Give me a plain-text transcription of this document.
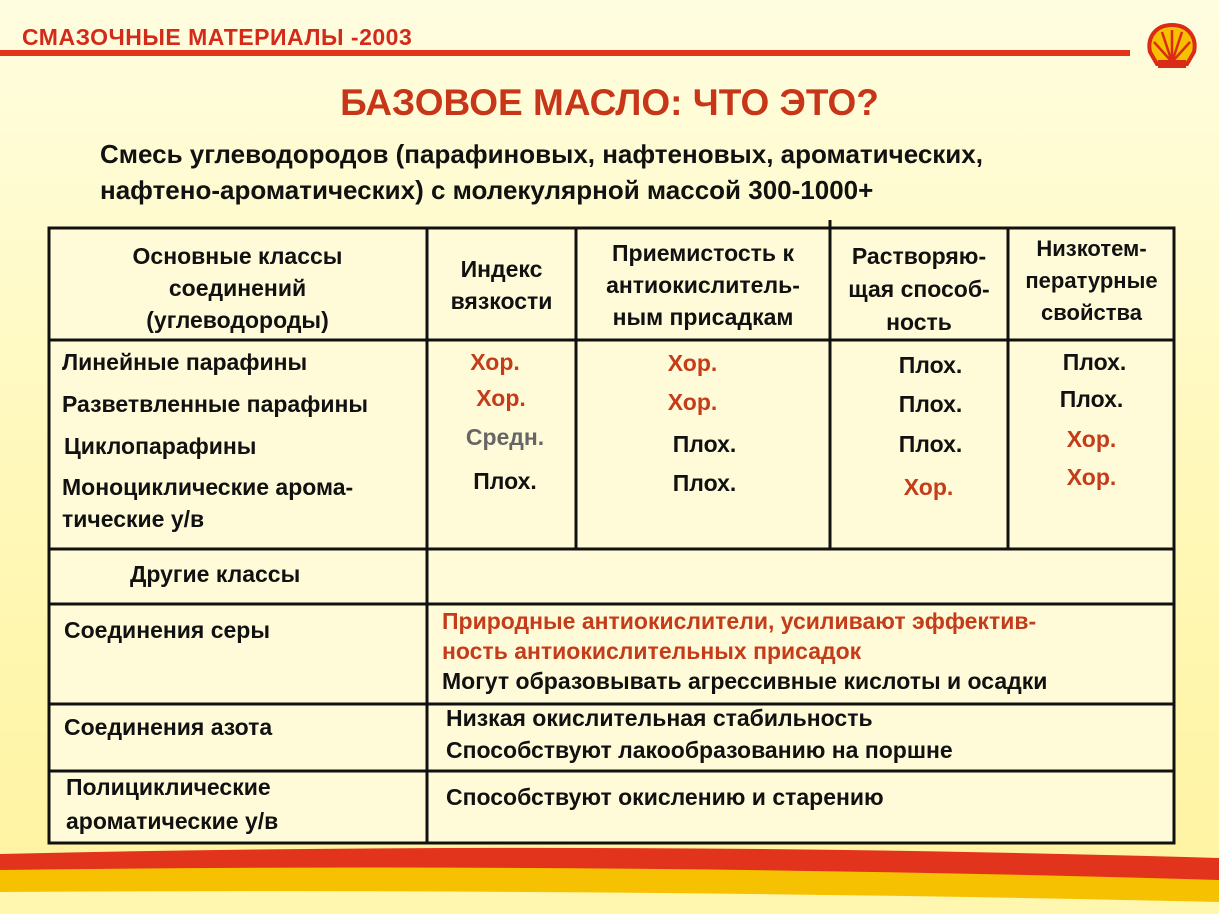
СМАЗОЧНЫЕ МАТЕРИАЛЫ -2003
БАЗОВОЕ МАСЛО: ЧТО ЭТО?
Смесь углеводородов (парафиновых, нафтеновых, ароматических,
нафтено-ароматических) с молекулярной массой 300-1000+
Основные классы
соединений
(углеводороды)
Индекс
вязкости
Приемистость к
антиокислитель-
ным присадкам
Растворяю-
щая способ-
ность
Низкотем-
пературные
свойства
Линейные парафины
Разветвленные парафины
Циклопарафины
Моноциклические арома-
тические у/в
Хор.
Хор.
Средн.
Плох.
Хор.
Хор.
Плох.
Плох.
Плох.
Плох.
Плох.
Хор.
Плох.
Плох.
Хор.
Хор.
Другие классы
Соединения серы	Природные антиокислители, усиливают эффектив-
ность антиокислительных присадок
Могут образовывать агрессивные кислоты и осадки
Соединения азота	Низкая окислительная стабильность
Способствуют лакообразованию на поршне
Полициклические
ароматические у/в
Способствуют окислению и старению
